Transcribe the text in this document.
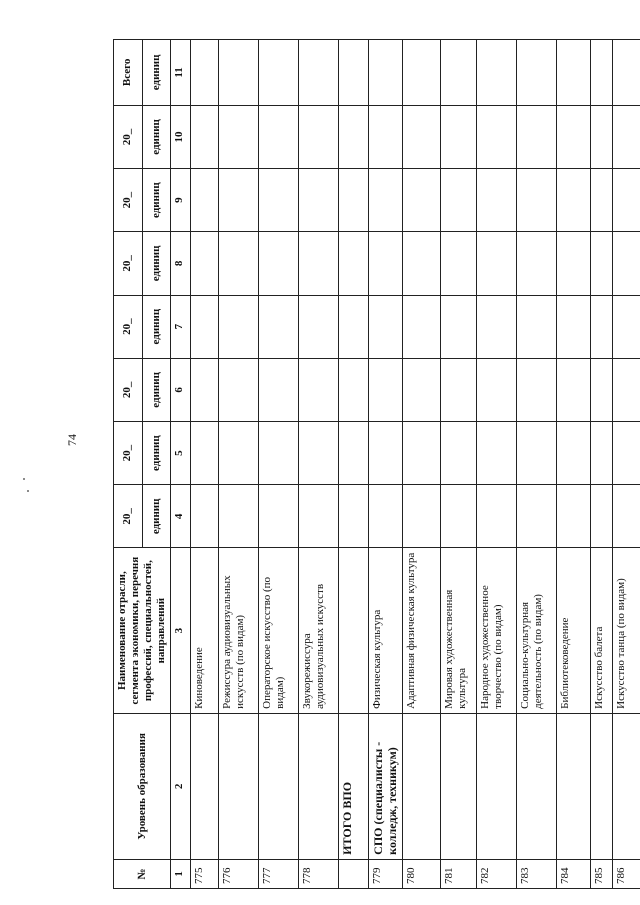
74
№	Уровень образования	Наименование отрасли, сегмента экономики, перечня профессий, специальностей, направлений	20_	20_	20_	20_	20_	20_	20_	Всего
			единиц	единиц	единиц	единиц	единиц	единиц	единиц	единиц
1	2	3	4	5	6	7	8	9	10	11
775		Киноведение								
776		Режиссура аудиовизуальных искусств (по видам)								
777		Операторское искусство (по видам)								
778		Звукорежиссура аудиовизуальных искусств								
	ИТОГО ВПО									
779	СПО (специалисты - колледж, техникум)	Физическая культура								
780		Адаптивная физическая культура								
781		Мировая художественная культура								
782		Народное художественное творчество (по видам)								
783		Социально-культурная деятельность (по видам)								
784		Библиотековедение								
785		Искусство балета								
786		Искусство танца (по видам)								
